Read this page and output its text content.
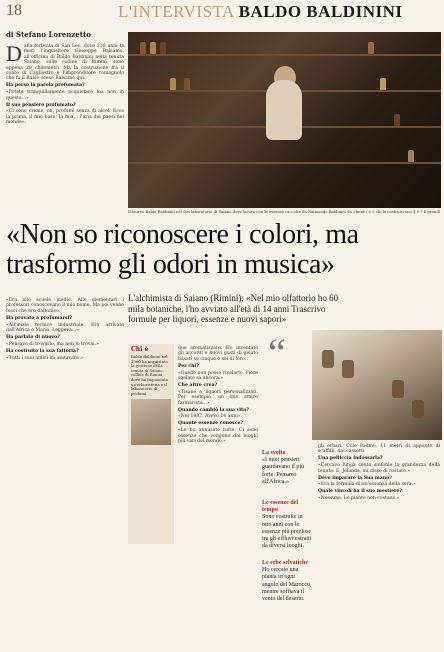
18	L'INTERVISTA BALDO BALDININI
di Stefano Lorenzetto

Dalla fortezza di San Leo, dove 230 anni fa morì l'inquisitore Giuseppe Balsamo, all'officina di Baldo Baldinini nella tenuta Saiano, sulle colline di Rimini, sono appena 20 chilometri. Ma la costruzione fra il conte di Cagliostro e l'imprenditore romagnolo che fu il Baldo sceso Balsamo qui.

Ha perso la parola profumata?

«Potete tranquillamente acquistare ma non in questa...»

Il suo pensiero profumato?

«Ci sono creme, oli, profumi senza di alcol. Ecco la prima, il mio naso, la mia... l'aria dei paesi nel mondo».

Il laureo Baldo Baldinini nel suo laboratorio di Saiano dove lavora con le essenze raccolte da Raimondo Baldinini da «Renè» e 3 chi le costruiscono 4 e 7 k grandi
«Non so riconoscere i colori, ma trasformo gli odori in musica»

«Era alle scuole medie. Alle elementari i professori conoscevano il mio nome. Ma poi venne fuori che ero daltonico.

Ha provato a profumarsi?

«All'inizio tecnico industriale. Era arrivato dall'Africa e Mario. Leggeva...»

Ha parlato di nuovo?

«Pensavo di trovarlo, ma non lo trovai.»

Ha costruito la sua fattoria?

«Tutti i suoi amici mi aiutavano.»

L'alchimista di Saiano (Rimini): «Nel mio olfattorio ho 60 mila botaniche, l'ho avviato all'età di 14 anni Trascrivo formule per liquori, essenze e nuovi sapori»
Chi è
Baldo Baldinini nel 1960 ha acquistato la gestione della tenuta di Saiano, colline di Rimini, dove ha impiantato un'erboristeria e il laboratorio di profumi.

que aromatizzare. Ho inventato gli accordi e nuovi gusti di gelato basati su cinque o sei di loro.

Per chi?

«Quelle non posso rivelarlo. Fiore sgelato sa ancora.»

Che altro crea?

«Tisane e liquori personalizzati. Per esempio, un mio amico farmacista...»

Quando cambiò la sua vita?

«Nel 1987. Avevo 14 anni».

Quante essenze conosce?

«Le ho annusate tutte. Ci sono essenze che vengono dai luoghi più vari del mondo.»

“
La svolta
«I miei pensieri guardavano il più forte. Pensavo all'Africa.»
Le essenze del tempo
Sono costruite in otto anni con le essenze più preziose tra gli effluvi estratti da diversi luoghi.
Le erbe selvatiche
Ho cercato una pianta in ogni angolo del Marocco, mentre soffiava il vento del deserto.

gli erbari. Cole Padmo, 11 metri di appunto di scaffali, dai cassetti.

Una pelliccia indossarla?

«Cercavo lunga cento sinfonie la grandezza della tenuta. E, Jolanda, mi disse di restare.»

Devo imparare la Sua mano?

«Era la formula di un'essenza della sera.»

Quale vincoli ha il suo mestiere?

«Nessuno. Le piante non costano.»
